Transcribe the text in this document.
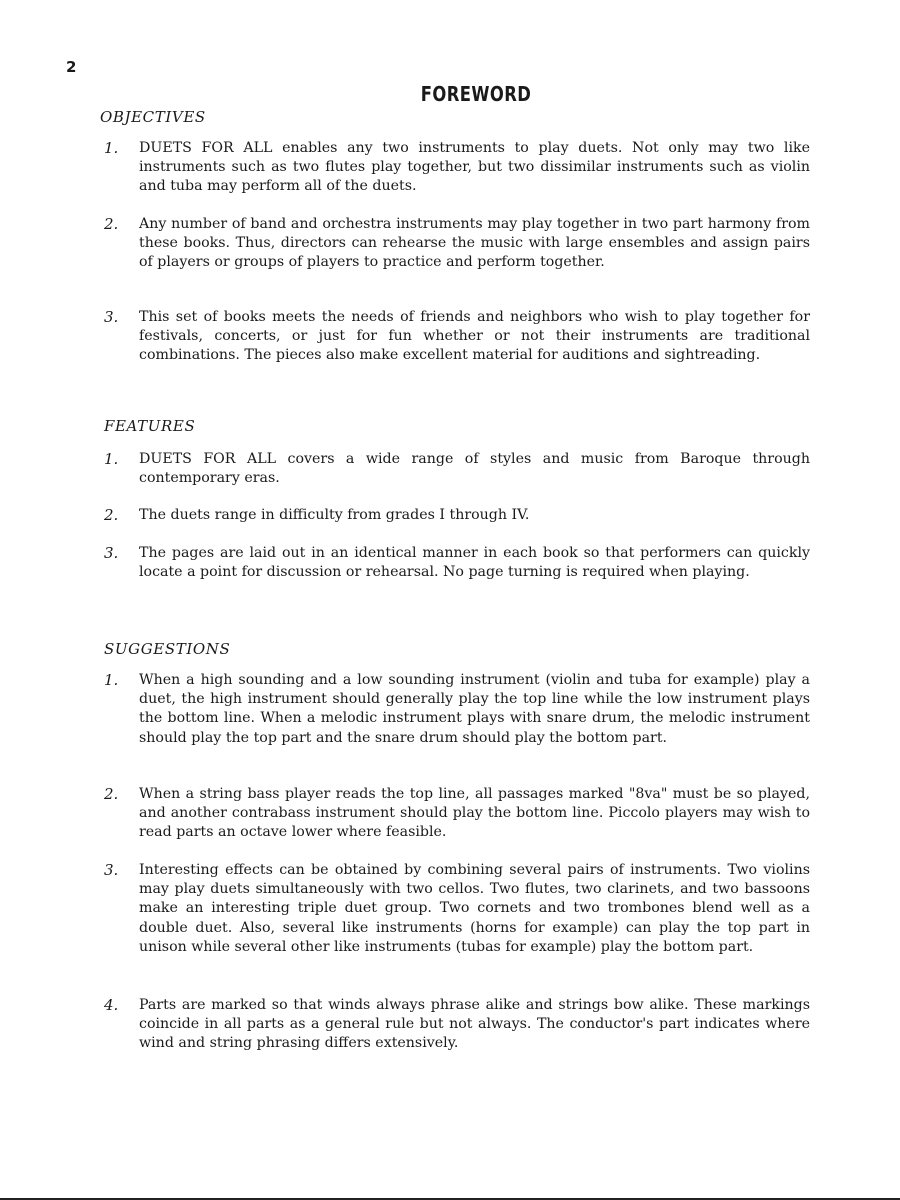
2
FOREWORD
OBJECTIVES
1. DUETS FOR ALL enables any two instruments to play duets. Not only may two like instruments such as two flutes play together, but two dissimilar instruments such as violin and tuba may perform all of the duets.
2. Any number of band and orchestra instruments may play together in two part harmony from these books. Thus, directors can rehearse the music with large ensembles and assign pairs of players or groups of players to practice and perform together.
3. This set of books meets the needs of friends and neighbors who wish to play together for festivals, concerts, or just for fun whether or not their instruments are traditional combinations. The pieces also make excellent material for auditions and sightreading.
FEATURES
1. DUETS FOR ALL covers a wide range of styles and music from Baroque through contemporary eras.
2. The duets range in difficulty from grades I through IV.
3. The pages are laid out in an identical manner in each book so that performers can quickly locate a point for discussion or rehearsal. No page turning is required when playing.
SUGGESTIONS
1. When a high sounding and a low sounding instrument (violin and tuba for example) play a duet, the high instrument should generally play the top line while the low instrument plays the bottom line. When a melodic instrument plays with snare drum, the melodic instrument should play the top part and the snare drum should play the bottom part.
2. When a string bass player reads the top line, all passages marked "8va" must be so played, and another contrabass instrument should play the bottom line. Piccolo players may wish to read parts an octave lower where feasible.
3. Interesting effects can be obtained by combining several pairs of instruments. Two violins may play duets simultaneously with two cellos. Two flutes, two clarinets, and two bassoons make an interesting triple duet group. Two cornets and two trombones blend well as a double duet. Also, several like instruments (horns for example) can play the top part in unison while several other like instruments (tubas for example) play the bottom part.
4. Parts are marked so that winds always phrase alike and strings bow alike. These markings coincide in all parts as a general rule but not always. The conductor's part indicates where wind and string phrasing differs extensively.
